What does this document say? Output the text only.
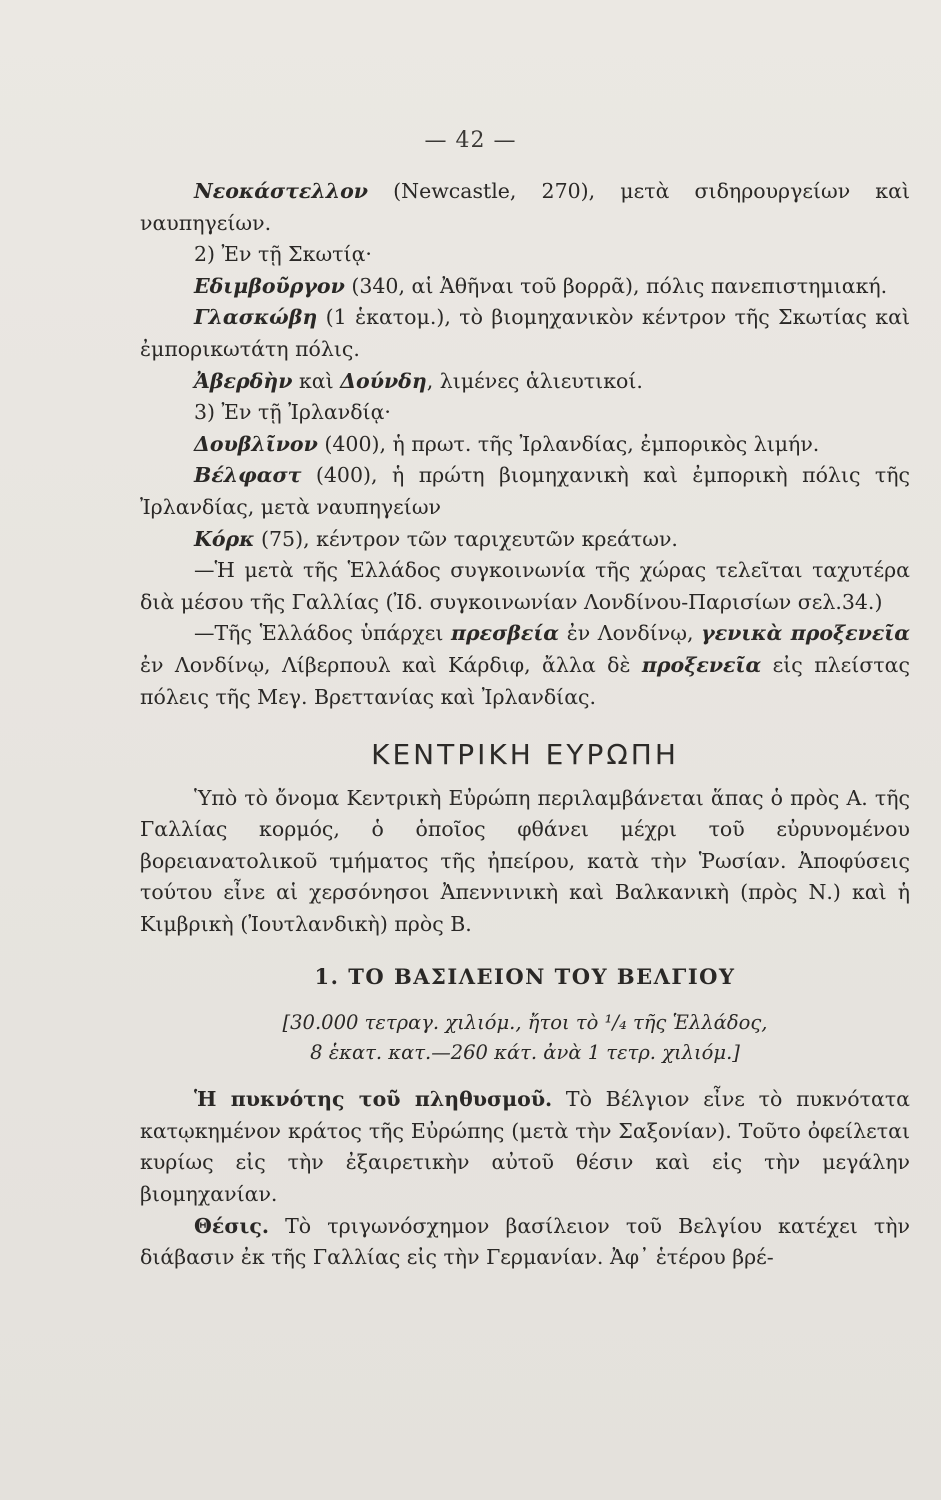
— 42 —

Νεοκάστελλον (Newcastle, 270), μετὰ σιδηρουργείων καὶ ναυπηγείων.

2) Ἐν τῇ Σκωτίᾳ·

Εδιμβοῦργον (340, αἱ Ἀθῆναι τοῦ βορρᾶ), πόλις πανεπιστημιακή.

Γλασκώβη (1 ἑκατομ.), τὸ βιομηχανικὸν κέντρον τῆς Σκωτίας καὶ ἐμπορικωτάτη πόλις.

Ἀβερδὴν καὶ Δούνδη, λιμένες ἁλιευτικοί.

3) Ἐν τῇ Ἰρλανδίᾳ·

Δουβλῖνον (400), ἡ πρωτ. τῆς Ἰρλανδίας, ἐμπορικὸς λιμήν.

Βέλφαστ (400), ἡ πρώτη βιομηχανικὴ καὶ ἐμπορικὴ πόλις τῆς Ἰρλανδίας, μετὰ ναυπηγείων

Κόρκ (75), κέντρον τῶν ταριχευτῶν κρεάτων.

—Ἡ μετὰ τῆς Ἑλλάδος συγκοινωνία τῆς χώρας τελεῖται ταχυτέρα διὰ μέσου τῆς Γαλλίας (Ἰδ. συγκοινωνίαν Λονδίνου-Παρισίων σελ.34.)

—Τῆς Ἑλλάδος ὑπάρχει πρεσβεία ἐν Λονδίνῳ, γενικὰ προξενεῖα ἐν Λονδίνῳ, Λίβερπουλ καὶ Κάρδιφ, ἄλλα δὲ προξενεῖα εἰς πλείστας πόλεις τῆς Μεγ. Βρεττανίας καὶ Ἰρλανδίας.

ΚΕΝΤΡΙΚΗ ΕΥΡΩΠΗ

Ὑπὸ τὸ ὄνομα Κεντρικὴ Εὐρώπη περιλαμβάνεται ἅπας ὁ πρὸς Α. τῆς Γαλλίας κορμός, ὁ ὁποῖος φθάνει μέχρι τοῦ εὐρυνομένου βορειανατολικοῦ τμήματος τῆς ἠπείρου, κατὰ τὴν Ῥωσίαν. Ἀποφύσεις τούτου εἶνε αἱ χερσόνησοι Ἀπεννινικὴ καὶ Βαλκανικὴ (πρὸς Ν.) καὶ ἡ Κιμβρικὴ (Ἰουτλανδικὴ) πρὸς Β.

1. ΤΟ ΒΑΣΙΛΕΙΟΝ ΤΟΥ ΒΕΛΓΙΟΥ

[30.000 τετραγ. χιλιόμ., ἤτοι τὸ ¹/₄ τῆς Ἑλλάδος,
8 ἑκατ. κατ.—260 κάτ. ἀνὰ 1 τετρ. χιλιόμ.]

Ἡ πυκνότης τοῦ πληθυσμοῦ. Τὸ Βέλγιον εἶνε τὸ πυκνότατα κατῳκημένον κράτος τῆς Εὐρώπης (μετὰ τὴν Σαξονίαν). Τοῦτο ὀφείλεται κυρίως εἰς τὴν ἐξαιρετικὴν αὐτοῦ θέσιν καὶ εἰς τὴν μεγάλην βιομηχανίαν.

Θέσις. Τὸ τριγωνόσχημον βασίλειον τοῦ Βελγίου κατέχει τὴν διάβασιν ἐκ τῆς Γαλλίας εἰς τὴν Γερμανίαν. Ἀφ᾽ ἑτέρου βρέ-
